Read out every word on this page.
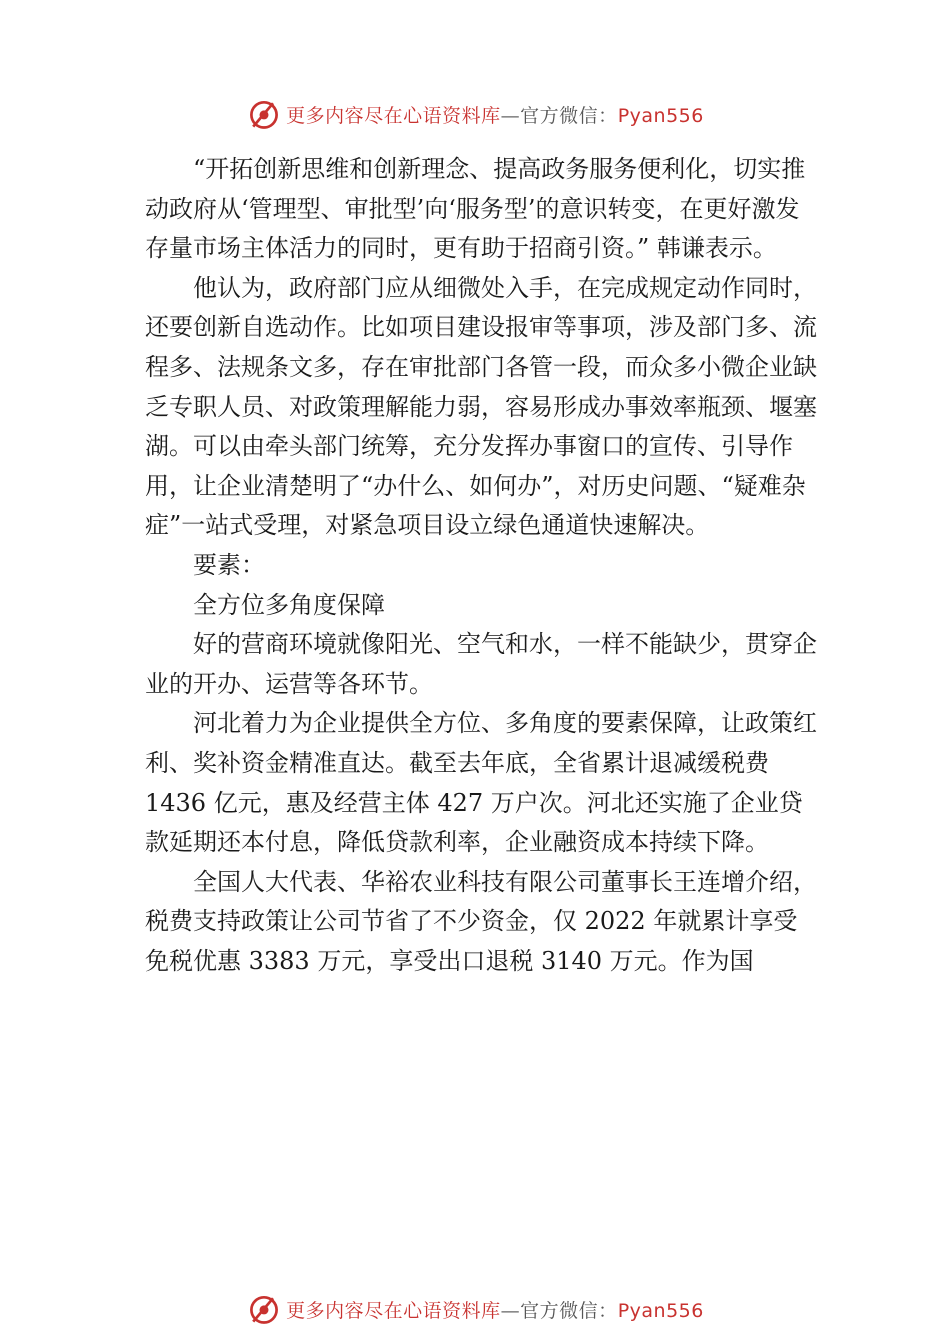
更多内容尽在心语资料库—官方微信：Pyan556

“开拓创新思维和创新理念、提高政务服务便利化，切实推动政府从‘管理型、审批型’向‘服务型’的意识转变，在更好激发存量市场主体活力的同时，更有助于招商引资。” 韩谦表示。

他认为，政府部门应从细微处入手，在完成规定动作同时，还要创新自选动作。比如项目建设报审等事项，涉及部门多、流程多、法规条文多，存在审批部门各管一段，而众多小微企业缺乏专职人员、对政策理解能力弱，容易形成办事效率瓶颈、堰塞湖。可以由牵头部门统筹，充分发挥办事窗口的宣传、引导作用，让企业清楚明了“办什么、如何办”，对历史问题、“疑难杂症”一站式受理，对紧急项目设立绿色通道快速解决。

要素：

全方位多角度保障

好的营商环境就像阳光、空气和水，一样不能缺少，贯穿企业的开办、运营等各环节。

河北着力为企业提供全方位、多角度的要素保障，让政策红利、奖补资金精准直达。截至去年底，全省累计退减缓税费 1436 亿元，惠及经营主体 427 万户次。河北还实施了企业贷款延期还本付息，降低贷款利率，企业融资成本持续下降。

全国人大代表、华裕农业科技有限公司董事长王连增介绍，税费支持政策让公司节省了不少资金，仅 2022 年就累计享受免税优惠 3383 万元，享受出口退税 3140 万元。作为国

更多内容尽在心语资料库—官方微信：Pyan556
